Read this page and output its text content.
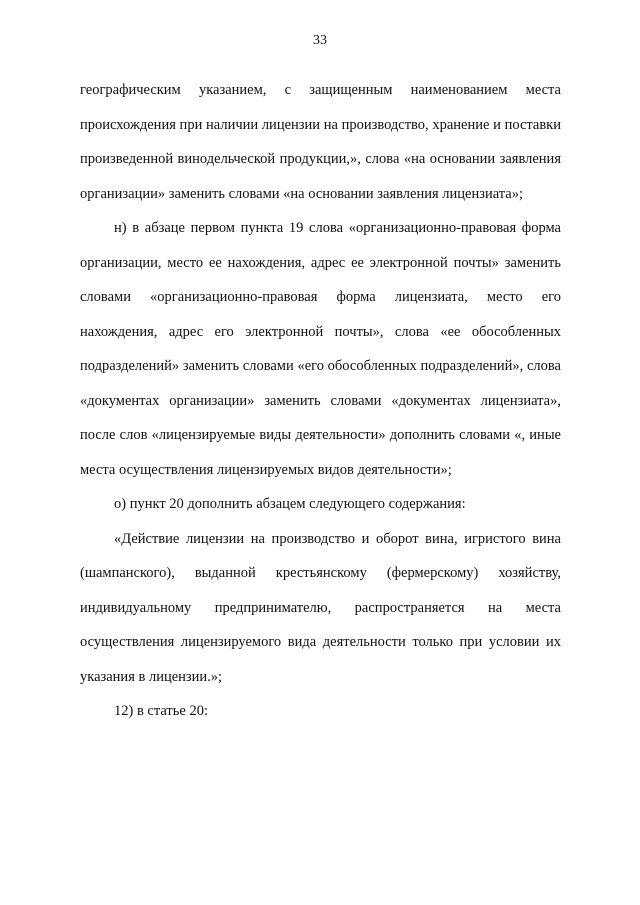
33

географическим указанием, с защищенным наименованием места происхождения при наличии лицензии на производство, хранение и поставки произведенной винодельческой продукции,», слова «на основании заявления организации» заменить словами «на основании заявления лицензиата»;

н) в абзаце первом пункта 19 слова «организационно-правовая форма организации, место ее нахождения, адрес ее электронной почты» заменить словами «организационно-правовая форма лицензиата, место его нахождения, адрес его электронной почты», слова «ее обособленных подразделений» заменить словами «его обособленных подразделений», слова «документах организации» заменить словами «документах лицензиата», после слов «лицензируемые виды деятельности» дополнить словами «, иные места осуществления лицензируемых видов деятельности»;

о) пункт 20 дополнить абзацем следующего содержания:

«Действие лицензии на производство и оборот вина, игристого вина (шампанского), выданной крестьянскому (фермерскому) хозяйству, индивидуальному предпринимателю, распространяется на места осуществления лицензируемого вида деятельности только при условии их указания в лицензии.»;

12) в статье 20:
